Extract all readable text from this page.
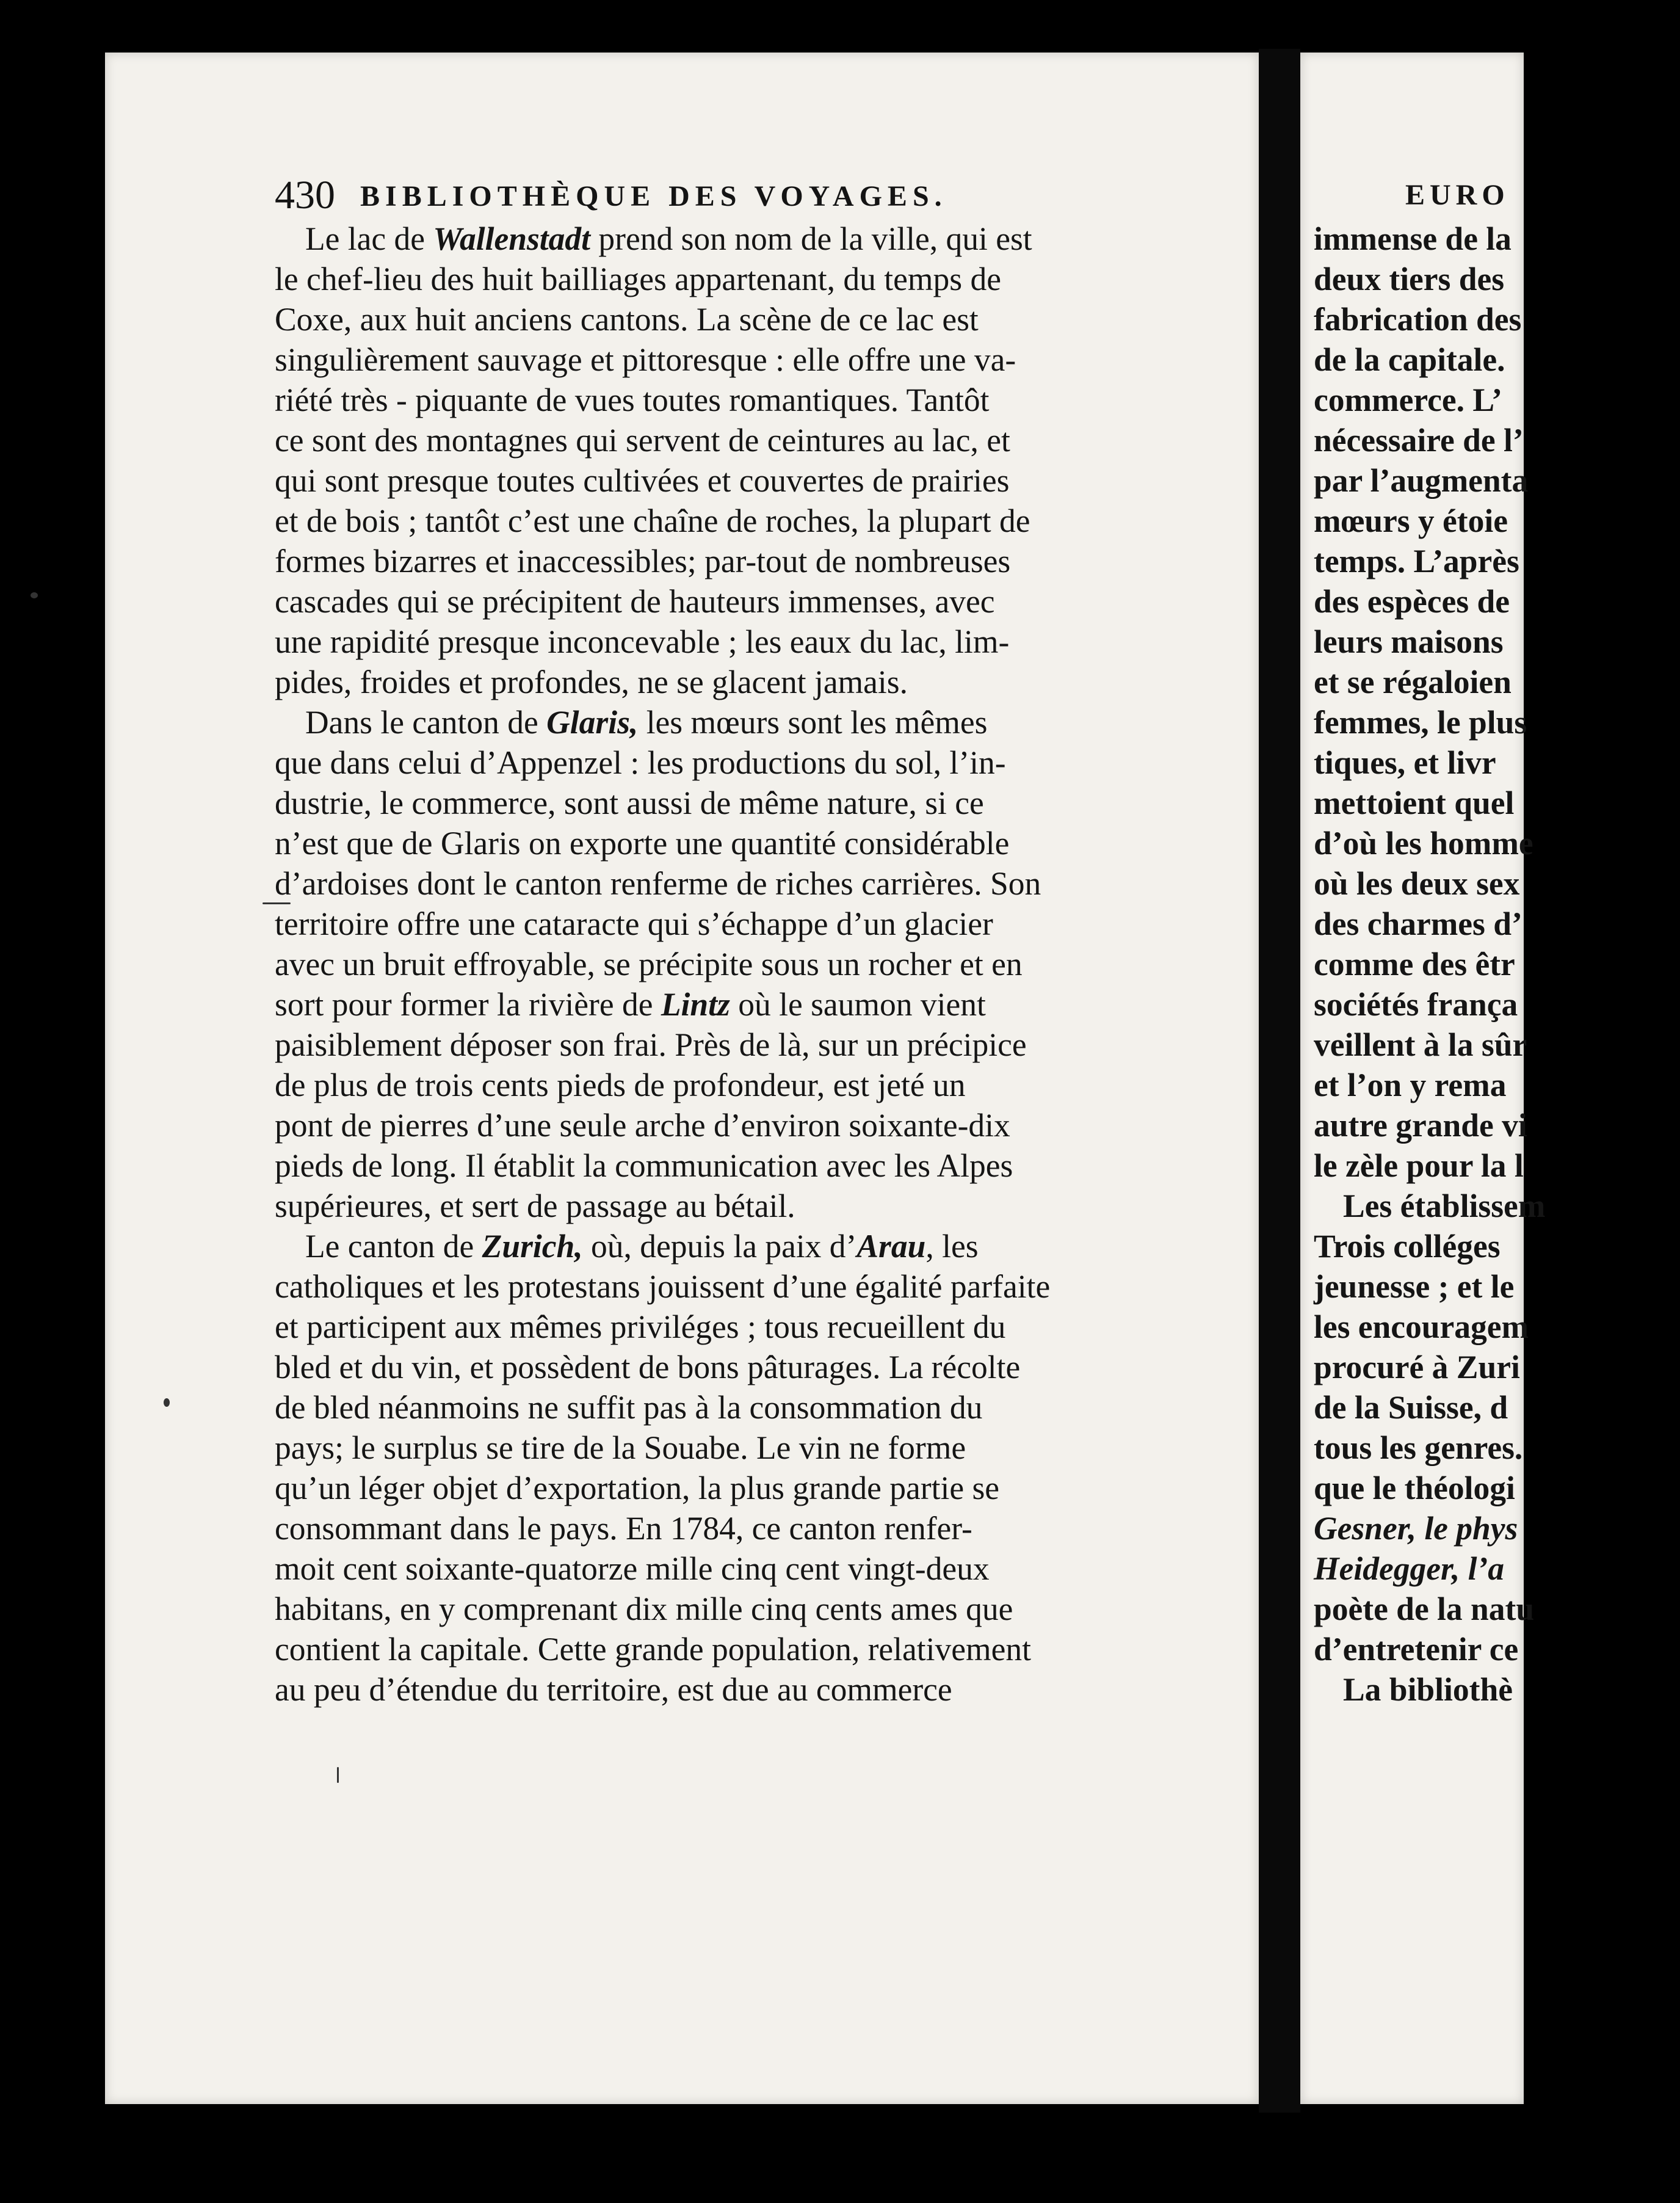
430 BIBLIOTHÈQUE DES VOYAGES.

Le lac de Wallenstadt prend son nom de la ville, qui est
le chef-lieu des huit bailliages appartenant, du temps de
Coxe, aux huit anciens cantons. La scène de ce lac est
singulièrement sauvage et pittoresque : elle offre une va-
riété très - piquante de vues toutes romantiques. Tantôt
ce sont des montagnes qui servent de ceintures au lac, et
qui sont presque toutes cultivées et couvertes de prairies
et de bois ; tantôt c’est une chaîne de roches, la plupart de
formes bizarres et inaccessibles; par-tout de nombreuses
cascades qui se précipitent de hauteurs immenses, avec
une rapidité presque inconcevable ; les eaux du lac, lim-
pides, froides et profondes, ne se glacent jamais.

Dans le canton de Glaris, les mœurs sont les mêmes
que dans celui d’Appenzel : les productions du sol, l’in-
dustrie, le commerce, sont aussi de même nature, si ce
n’est que de Glaris on exporte une quantité considérable
d’ardoises dont le canton renferme de riches carrières. Son
territoire offre une cataracte qui s’échappe d’un glacier
avec un bruit effroyable, se précipite sous un rocher et en
sort pour former la rivière de Lintz où le saumon vient
paisiblement déposer son frai. Près de là, sur un précipice
de plus de trois cents pieds de profondeur, est jeté un
pont de pierres d’une seule arche d’environ soixante-dix
pieds de long. Il établit la communication avec les Alpes
supérieures, et sert de passage au bétail.

Le canton de Zurich, où, depuis la paix d’Arau, les
catholiques et les protestans jouissent d’une égalité parfaite
et participent aux mêmes priviléges ; tous recueillent du
bled et du vin, et possèdent de bons pâturages. La récolte
de bled néanmoins ne suffit pas à la consommation du
pays; le surplus se tire de la Souabe. Le vin ne forme
qu’un léger objet d’exportation, la plus grande partie se
consommant dans le pays. En 1784, ce canton renfer-
moit cent soixante-quatorze mille cinq cent vingt-deux
habitans, en y comprenant dix mille cinq cents ames que
contient la capitale. Cette grande population, relativement
au peu d’étendue du territoire, est due au commerce

EURO
immense de la
deux tiers des
fabrication des
de la capitale.
commerce. L’
nécessaire de l’
par l’augmenta
mœurs y étoie
temps. L’après
des espèces de
leurs maisons
et se régaloien
femmes, le plus
tiques, et livr
mettoient quel
d’où les homme
où les deux sex
des charmes d’
comme des êtr
sociétés frança
veillent à la sûr
et l’on y rema
autre grande vi
le zèle pour la l
Les établissem
Trois colléges
jeunesse ; et le
les encouragem
procuré à Zuri
de la Suisse, d
tous les genres.
que le théologi
Gesner, le phys
Heidegger, l’a
poète de la natu
d’entretenir ce
La bibliothè
